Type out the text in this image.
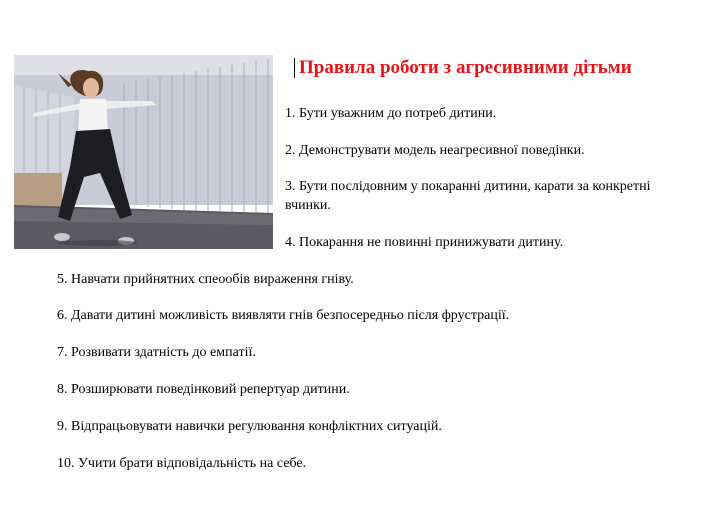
Правила роботи з агресивними дітьми

1. Бути уважним до потреб дитини.

2. Демонструвати модель неагресивної поведінки.

3. Бути послідовним у покаранні дитини, карати за конкретні вчинки.

4. Покарання не повинні принижувати дитину.

5. Навчати прийнятних спеообів вираження гніву.

6. Давати дитині можливість виявляти гнів безпосередньо після фрустрації.

7. Розвивати здатність до емпатії.

8. Розширювати поведінковий репертуар дитини.

9. Відпрацьовувати навички регулювання конфліктних ситуацій.

10. Учити брати відповідальність на себе.
